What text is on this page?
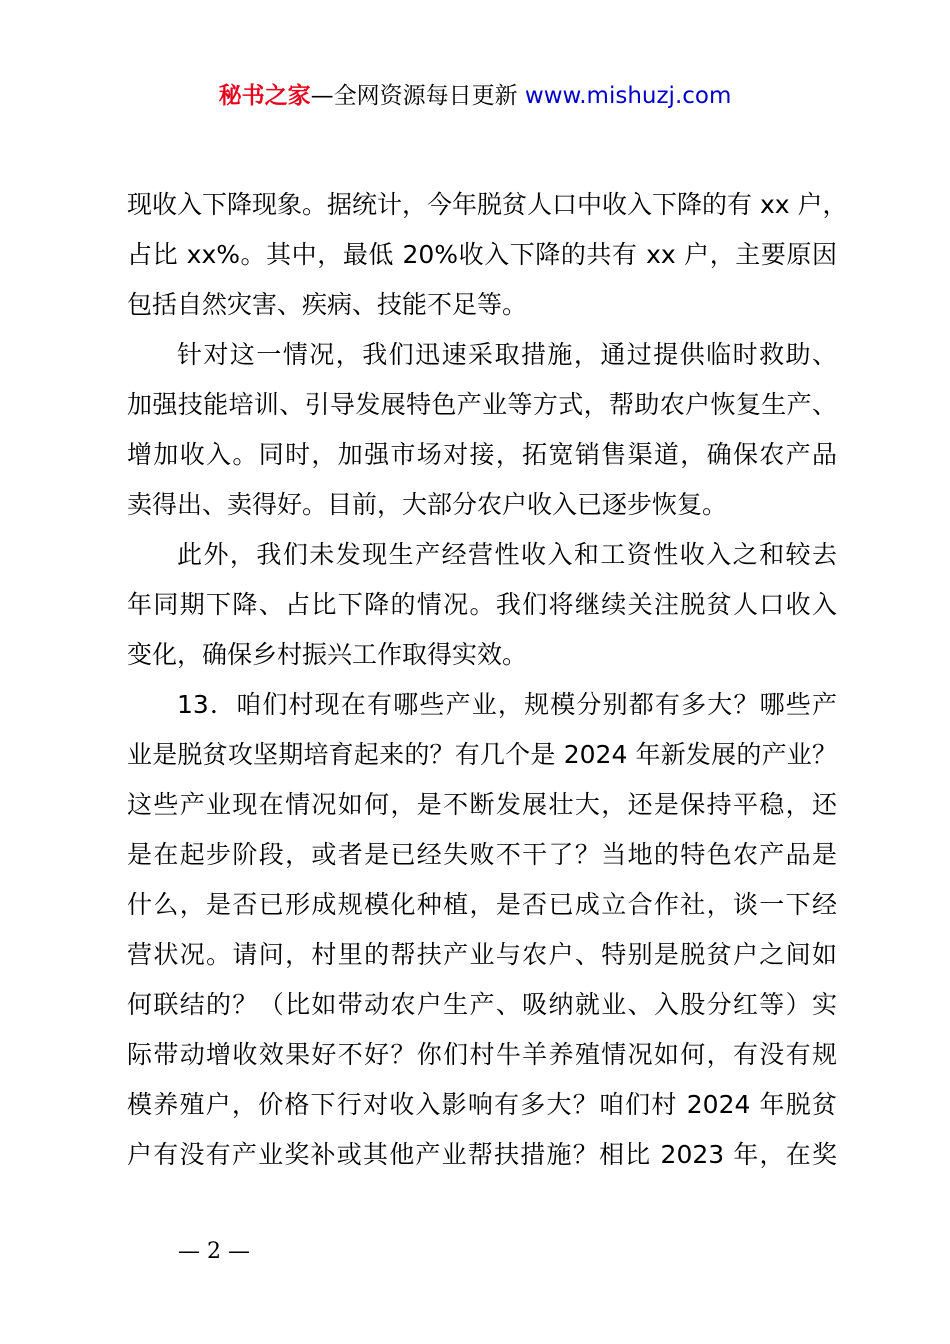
秘书之家—全网资源每日更新 www.mishuzj.com
现收入下降现象。据统计，今年脱贫人口中收入下降的有 xx 户，
占比 xx%。其中，最低 20%收入下降的共有 xx 户，主要原因
包括自然灾害、疾病、技能不足等。
针对这一情况，我们迅速采取措施，通过提供临时救助、
加强技能培训、引导发展特色产业等方式，帮助农户恢复生产、
增加收入。同时，加强市场对接，拓宽销售渠道，确保农产品
卖得出、卖得好。目前，大部分农户收入已逐步恢复。
此外，我们未发现生产经营性收入和工资性收入之和较去
年同期下降、占比下降的情况。我们将继续关注脱贫人口收入
变化，确保乡村振兴工作取得实效。
13．咱们村现在有哪些产业，规模分别都有多大？哪些产
业是脱贫攻坚期培育起来的？有几个是 2024 年新发展的产业？
这些产业现在情况如何，是不断发展壮大，还是保持平稳，还
是在起步阶段，或者是已经失败不干了？当地的特色农产品是
什么，是否已形成规模化种植，是否已成立合作社，谈一下经
营状况。请问，村里的帮扶产业与农户、特别是脱贫户之间如
何联结的？（比如带动农户生产、吸纳就业、入股分红等）实
际带动增收效果好不好？你们村牛羊养殖情况如何，有没有规
模养殖户，价格下行对收入影响有多大？咱们村 2024 年脱贫
户有没有产业奖补或其他产业帮扶措施？相比 2023 年，在奖
— 2 —
